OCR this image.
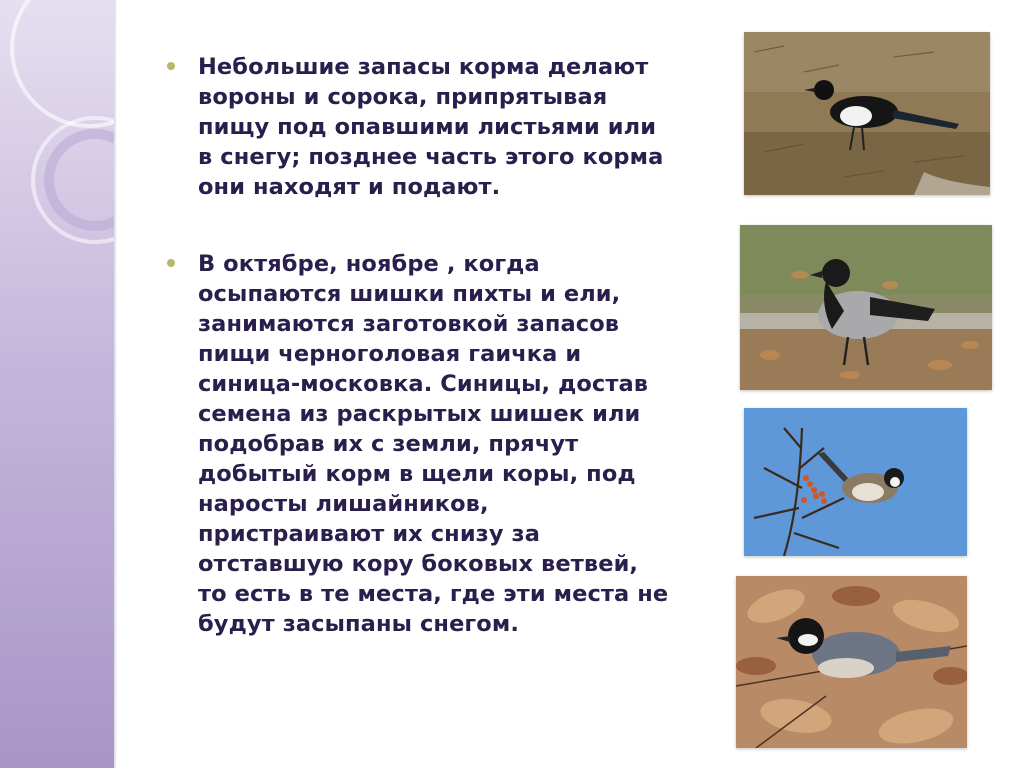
Небольшие запасы корма делают вороны и сорока, припрятывая пищу под опавшими листьями или в снегу; позднее часть этого корма они находят и подают.

В октябре, ноябре , когда осыпаются шишки пихты и ели, занимаются заготовкой запасов пищи черноголовая гаичка и синица-московка. Синицы, достав семена из раскрытых шишек или подобрав их с земли, прячут добытый корм в щели коры, под наросты лишайников, пристраивают их снизу за отставшую кору боковых ветвей, то есть в те места, где эти места не будут засыпаны снегом.
